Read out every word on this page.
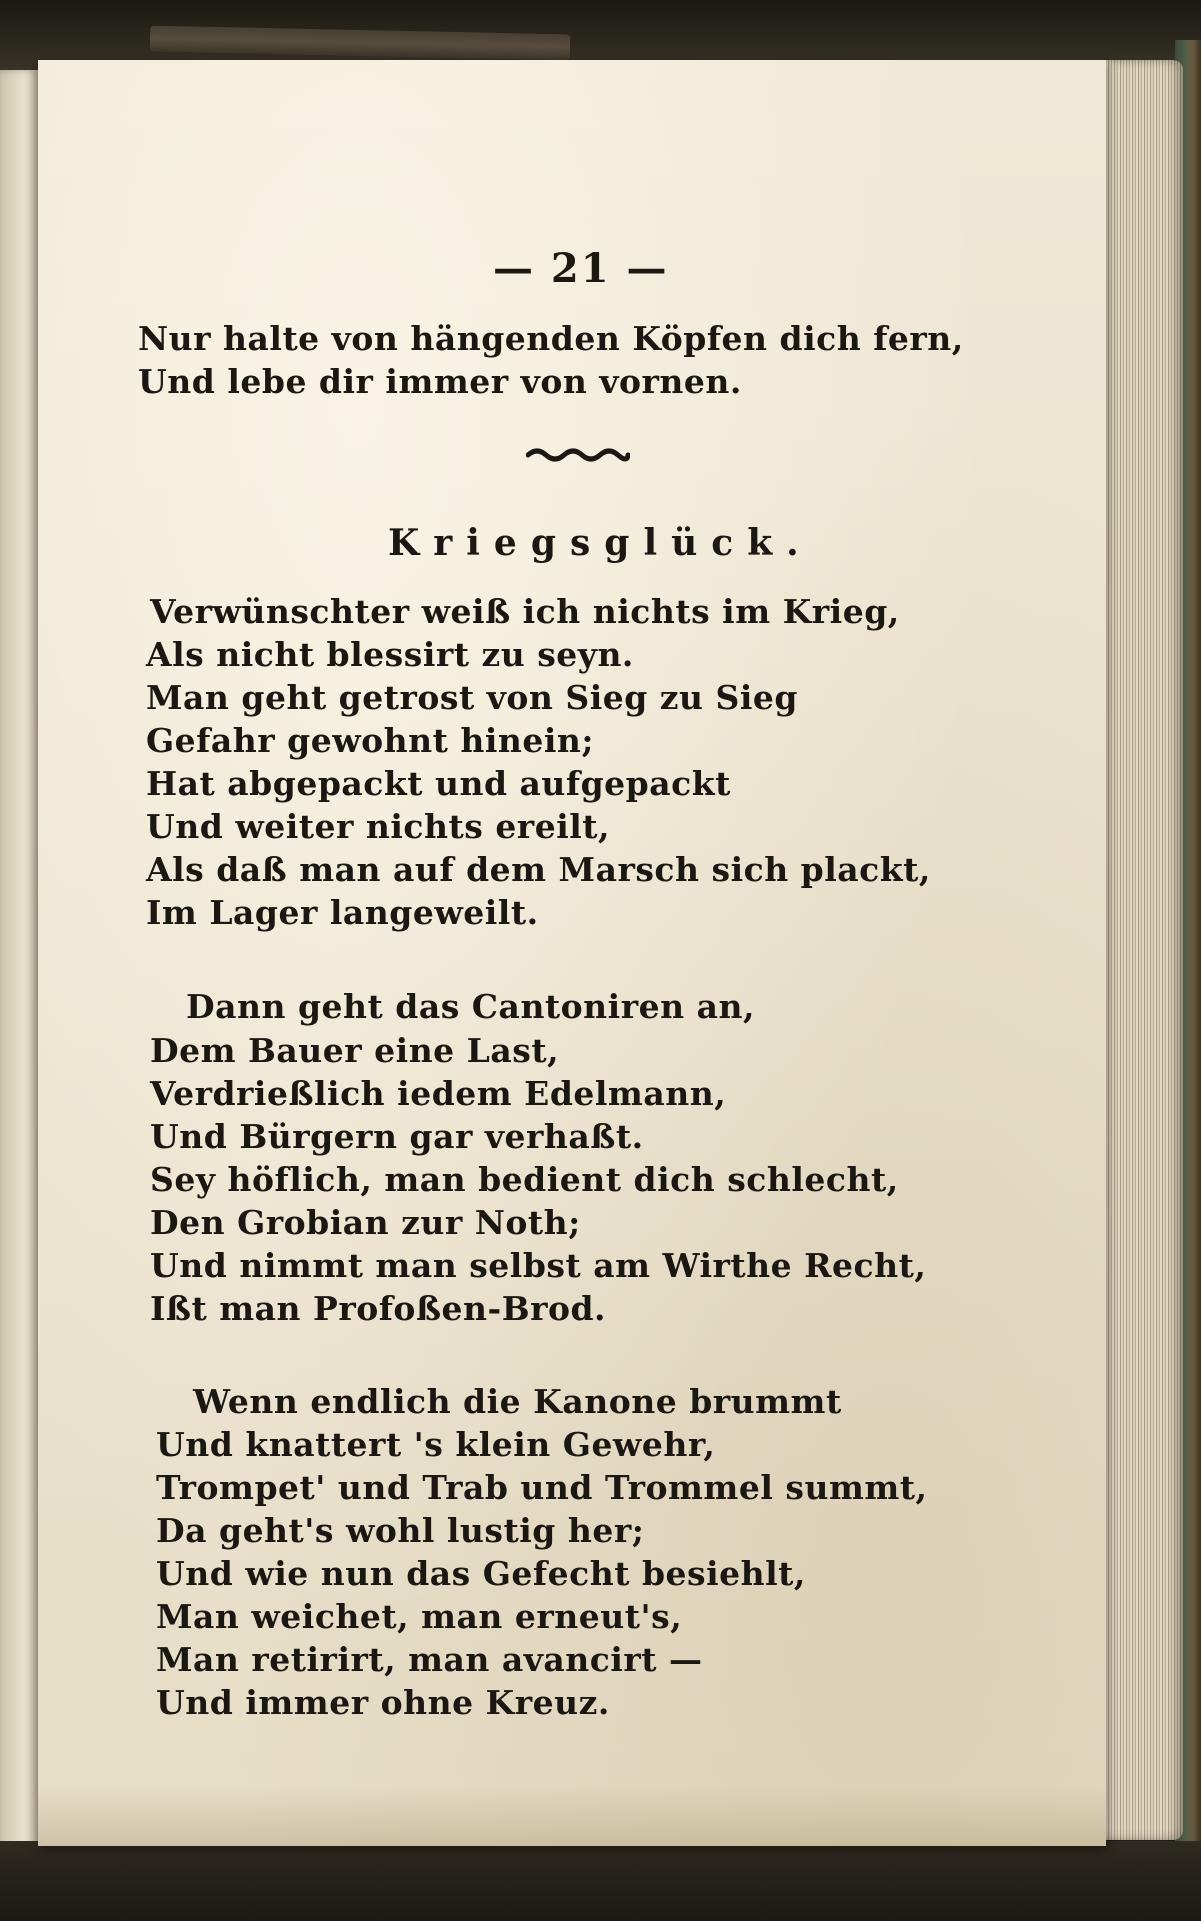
— 21 —
Nur halte von hängenden Köpfen dich fern,
Und lebe dir immer von vornen.
Kriegsglück.
Verwünschter weiß ich nichts im Krieg,
Als nicht blessirt zu seyn.
Man geht getrost von Sieg zu Sieg
Gefahr gewohnt hinein;
Hat abgepackt und aufgepackt
Und weiter nichts ereilt,
Als daß man auf dem Marsch sich plackt,
Im Lager langeweilt.
Dann geht das Cantoniren an,
Dem Bauer eine Last,
Verdrießlich iedem Edelmann,
Und Bürgern gar verhaßt.
Sey höflich, man bedient dich schlecht,
Den Grobian zur Noth;
Und nimmt man selbst am Wirthe Recht,
Ißt man Profoßen-Brod.
Wenn endlich die Kanone brummt
Und knattert 's klein Gewehr,
Trompet' und Trab und Trommel summt,
Da geht's wohl lustig her;
Und wie nun das Gefecht besiehlt,
Man weichet, man erneut's,
Man retirirt, man avancirt —
Und immer ohne Kreuz.
